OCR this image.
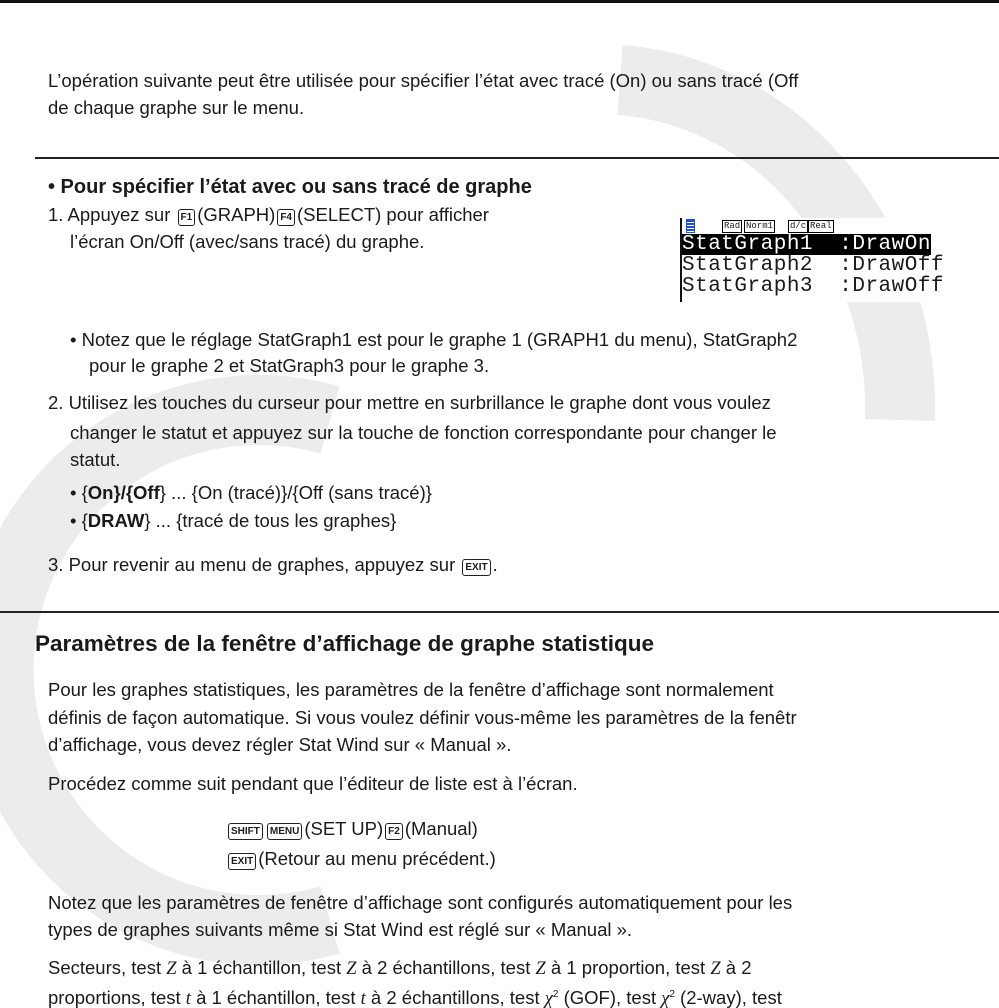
L’opération suivante peut être utilisée pour spécifier l’état avec tracé (On) ou sans tracé (Off
de chaque graphe sur le menu.
• Pour spécifier l’état avec ou sans tracé de graphe
1. Appuyez sur F1 (GRAPH) F4 (SELECT) pour afficher
l’écran On/Off (avec/sans tracé) du graphe.
Rad Norm1 d/c Real
StatGraph1 :DrawOn
StatGraph2 :DrawOff
StatGraph3 :DrawOff
• Notez que le réglage StatGraph1 est pour le graphe 1 (GRAPH1 du menu), StatGraph2
pour le graphe 2 et StatGraph3 pour le graphe 3.
2. Utilisez les touches du curseur pour mettre en surbrillance le graphe dont vous voulez
changer le statut et appuyez sur la touche de fonction correspondante pour changer le
statut.
• {On}/{Off} ... {On (tracé)}/{Off (sans tracé)}
• {DRAW} ... {tracé de tous les graphes}
3. Pour revenir au menu de graphes, appuyez sur EXIT .
Paramètres de la fenêtre d’affichage de graphe statistique
Pour les graphes statistiques, les paramètres de la fenêtre d’affichage sont normalement
définis de façon automatique. Si vous voulez définir vous-même les paramètres de la fenêtr
d’affichage, vous devez régler Stat Wind sur « Manual ».
Procédez comme suit pendant que l’éditeur de liste est à l’écran.
SHIFT MENU (SET UP) F2 (Manual)
EXIT (Retour au menu précédent.)
Notez que les paramètres de fenêtre d’affichage sont configurés automatiquement pour les
types de graphes suivants même si Stat Wind est réglé sur « Manual ».
Secteurs, test Z à 1 échantillon, test Z à 2 échantillons, test Z à 1 proportion, test Z à 2
proportions, test t à 1 échantillon, test t à 2 échantillons, test $\chi^2$ (GOF), test $\chi^2$ (2-way), test
